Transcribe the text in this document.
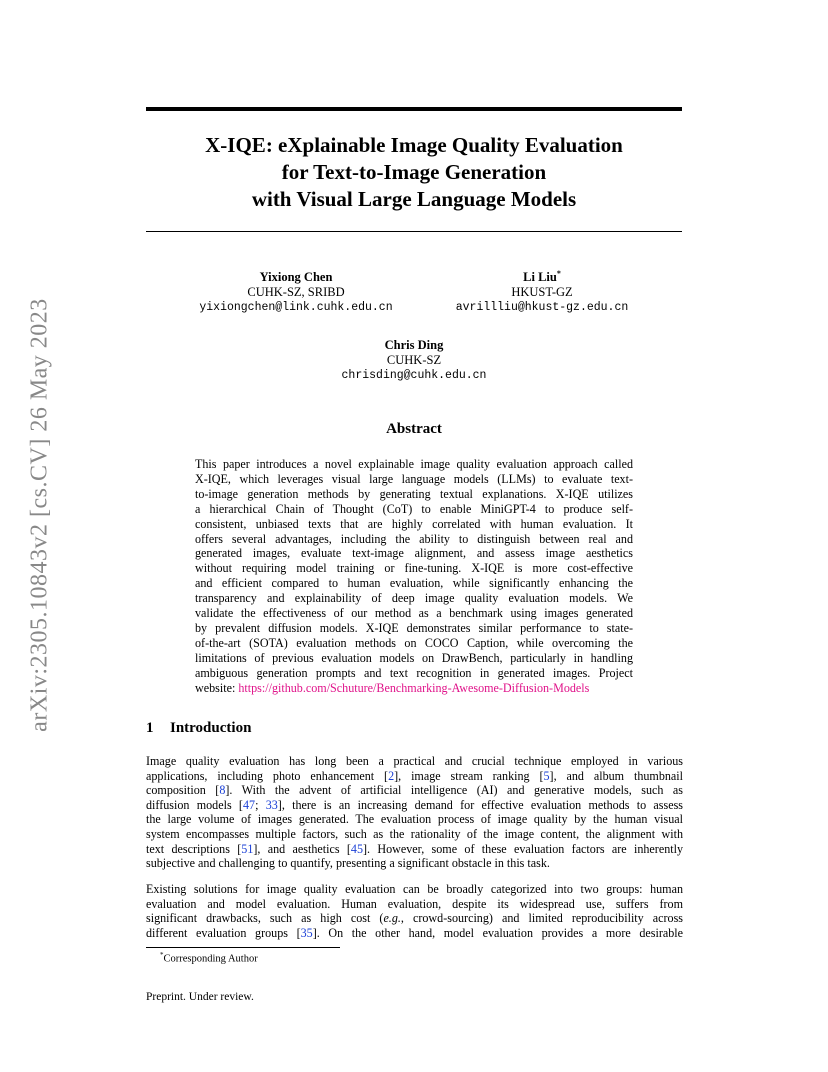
X-IQE: eXplainable Image Quality Evaluation
for Text-to-Image Generation
with Visual Large Language Models
arXiv:2305.10843v2 [cs.CV] 26 May 2023
Yixiong Chen
CUHK-SZ, SRIBD
yixiongchen@link.cuhk.edu.cn
Li Liu*
HKUST-GZ
avrillliu@hkust-gz.edu.cn
Chris Ding
CUHK-SZ
chrisding@cuhk.edu.cn
Abstract
This paper introduces a novel explainable image quality evaluation approach called
X-IQE, which leverages visual large language models (LLMs) to evaluate text-
to-image generation methods by generating textual explanations. X-IQE utilizes
a hierarchical Chain of Thought (CoT) to enable MiniGPT-4 to produce self-
consistent, unbiased texts that are highly correlated with human evaluation. It
offers several advantages, including the ability to distinguish between real and
generated images, evaluate text-image alignment, and assess image aesthetics
without requiring model training or fine-tuning. X-IQE is more cost-effective
and efficient compared to human evaluation, while significantly enhancing the
transparency and explainability of deep image quality evaluation models. We
validate the effectiveness of our method as a benchmark using images generated
by prevalent diffusion models. X-IQE demonstrates similar performance to state-
of-the-art (SOTA) evaluation methods on COCO Caption, while overcoming the
limitations of previous evaluation models on DrawBench, particularly in handling
ambiguous generation prompts and text recognition in generated images. Project
website: https://github.com/Schuture/Benchmarking-Awesome-Diffusion-Models
1 Introduction
Image quality evaluation has long been a practical and crucial technique employed in various
applications, including photo enhancement [2], image stream ranking [5], and album thumbnail
composition [8]. With the advent of artificial intelligence (AI) and generative models, such as
diffusion models [47; 33], there is an increasing demand for effective evaluation methods to assess
the large volume of images generated. The evaluation process of image quality by the human visual
system encompasses multiple factors, such as the rationality of the image content, the alignment with
text descriptions [51], and aesthetics [45]. However, some of these evaluation factors are inherently
subjective and challenging to quantify, presenting a significant obstacle in this task.
Existing solutions for image quality evaluation can be broadly categorized into two groups: human
evaluation and model evaluation. Human evaluation, despite its widespread use, suffers from
significant drawbacks, such as high cost (e.g., crowd-sourcing) and limited reproducibility across
different evaluation groups [35]. On the other hand, model evaluation provides a more desirable
*Corresponding Author
Preprint. Under review.
